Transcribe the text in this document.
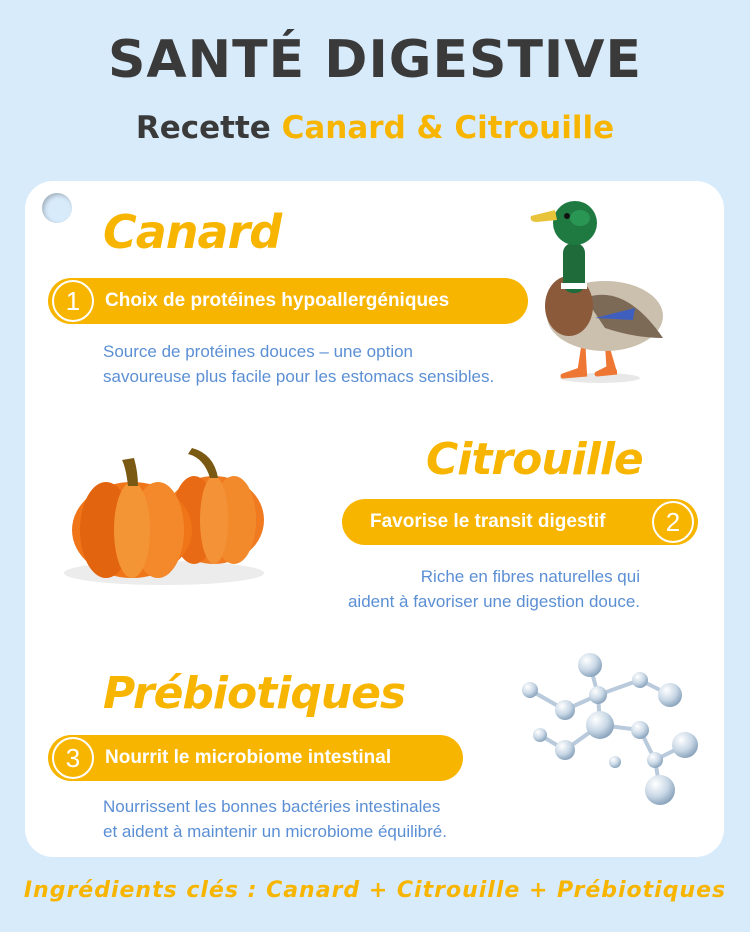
SANTÉ DIGESTIVE
Recette Canard & Citrouille
Canard
1	Choix de protéines hypoallergéniques
Source de protéines douces – une option
savoureuse plus facile pour les estomacs sensibles.
Citrouille
Favorise le transit digestif	2
Riche en fibres naturelles qui
aident à favoriser une digestion douce.
Prébiotiques
3	Nourrit le microbiome intestinal
Nourrissent les bonnes bactéries intestinales
et aident à maintenir un microbiome équilibré.
Ingrédients clés : Canard + Citrouille + Prébiotiques
